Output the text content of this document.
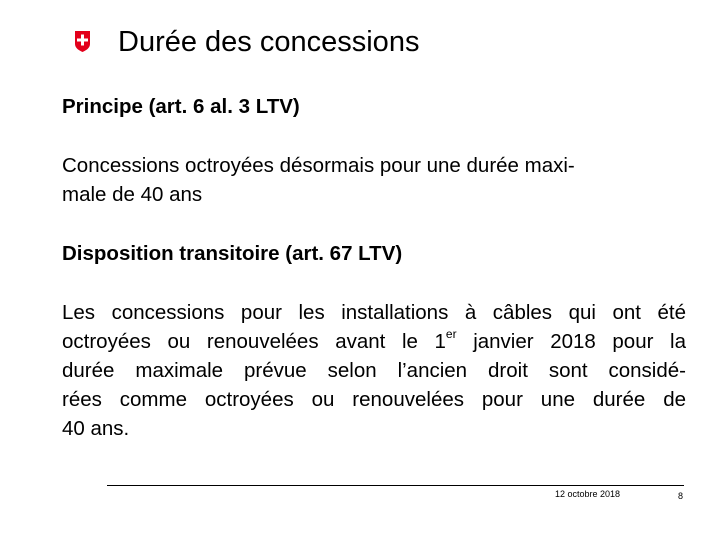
Durée des concessions

Principe (art. 6 al. 3 LTV)

Concessions octroyées désormais pour une durée maxi-
male de 40 ans

Disposition transitoire (art. 67 LTV)

Les concessions pour les installations à câbles qui ont été
octroyées ou renouvelées avant le 1er janvier 2018 pour la
durée maximale prévue selon l’ancien droit sont considé-
rées comme octroyées ou renouvelées pour une durée de
40 ans.

12 octobre 2018	8
